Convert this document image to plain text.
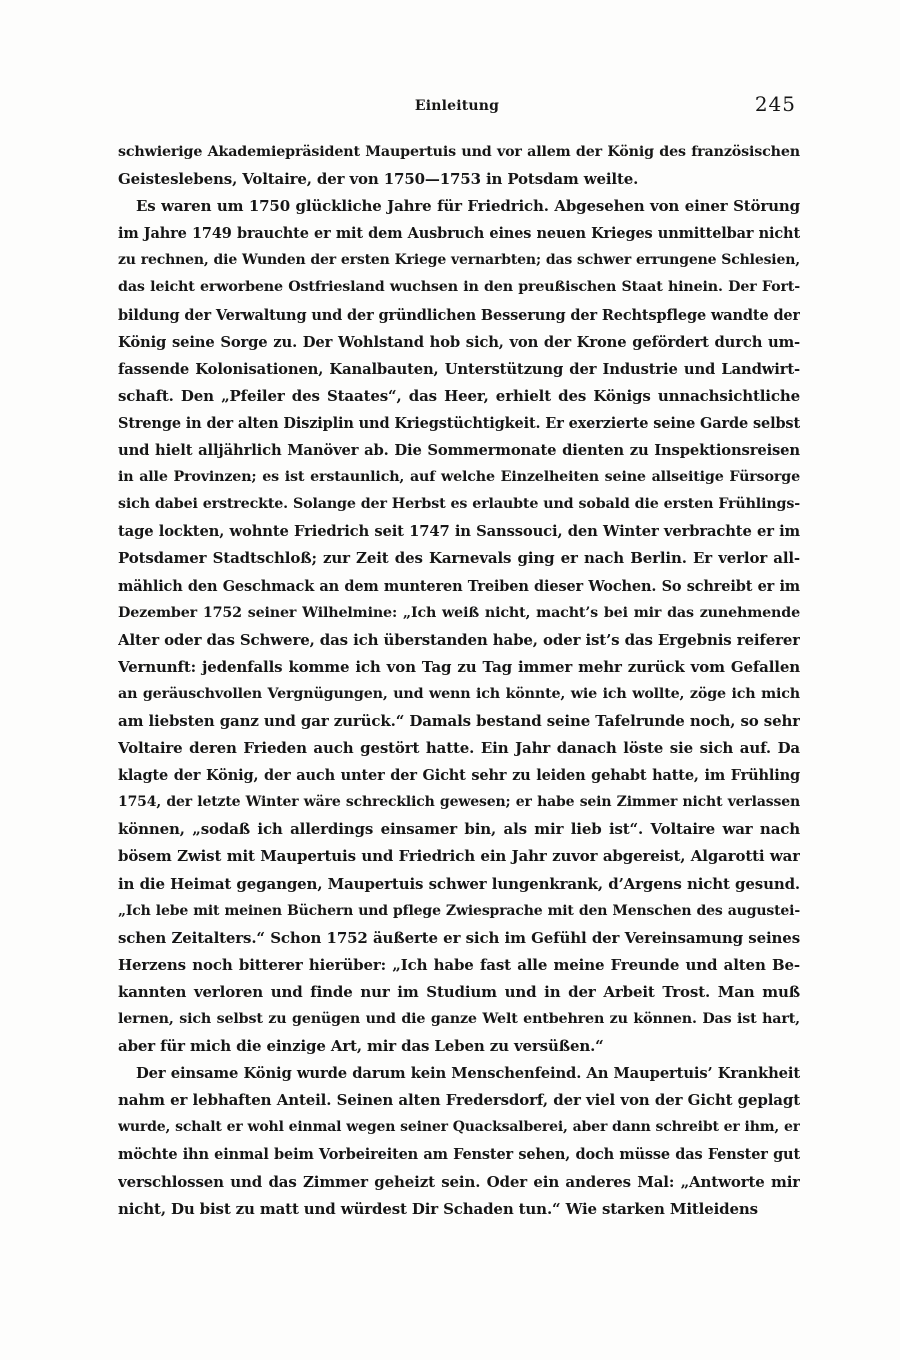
Einleitung	245
schwierige Akademiepräsident Maupertuis und vor allem der König des französischen
Geisteslebens, Voltaire, der von 1750—1753 in Potsdam weilte.
Es waren um 1750 glückliche Jahre für Friedrich. Abgesehen von einer Störung
im Jahre 1749 brauchte er mit dem Ausbruch eines neuen Krieges unmittelbar nicht
zu rechnen, die Wunden der ersten Kriege vernarbten; das schwer errungene Schlesien,
das leicht erworbene Ostfriesland wuchsen in den preußischen Staat hinein. Der Fort-
bildung der Verwaltung und der gründlichen Besserung der Rechtspflege wandte der
König seine Sorge zu. Der Wohlstand hob sich, von der Krone gefördert durch um-
fassende Kolonisationen, Kanalbauten, Unterstützung der Industrie und Landwirt-
schaft. Den „Pfeiler des Staates“, das Heer, erhielt des Königs unnachsichtliche
Strenge in der alten Disziplin und Kriegstüchtigkeit. Er exerzierte seine Garde selbst
und hielt alljährlich Manöver ab. Die Sommermonate dienten zu Inspektionsreisen
in alle Provinzen; es ist erstaunlich, auf welche Einzelheiten seine allseitige Fürsorge
sich dabei erstreckte. Solange der Herbst es erlaubte und sobald die ersten Frühlings-
tage lockten, wohnte Friedrich seit 1747 in Sanssouci, den Winter verbrachte er im
Potsdamer Stadtschloß; zur Zeit des Karnevals ging er nach Berlin. Er verlor all-
mählich den Geschmack an dem munteren Treiben dieser Wochen. So schreibt er im
Dezember 1752 seiner Wilhelmine: „Ich weiß nicht, macht’s bei mir das zunehmende
Alter oder das Schwere, das ich überstanden habe, oder ist’s das Ergebnis reiferer
Vernunft: jedenfalls komme ich von Tag zu Tag immer mehr zurück vom Gefallen
an geräuschvollen Vergnügungen, und wenn ich könnte, wie ich wollte, zöge ich mich
am liebsten ganz und gar zurück.“ Damals bestand seine Tafelrunde noch, so sehr
Voltaire deren Frieden auch gestört hatte. Ein Jahr danach löste sie sich auf. Da
klagte der König, der auch unter der Gicht sehr zu leiden gehabt hatte, im Frühling
1754, der letzte Winter wäre schrecklich gewesen; er habe sein Zimmer nicht verlassen
können, „sodaß ich allerdings einsamer bin, als mir lieb ist“. Voltaire war nach
bösem Zwist mit Maupertuis und Friedrich ein Jahr zuvor abgereist, Algarotti war
in die Heimat gegangen, Maupertuis schwer lungenkrank, d’Argens nicht gesund.
„Ich lebe mit meinen Büchern und pflege Zwiesprache mit den Menschen des augustei-
schen Zeitalters.“ Schon 1752 äußerte er sich im Gefühl der Vereinsamung seines
Herzens noch bitterer hierüber: „Ich habe fast alle meine Freunde und alten Be-
kannten verloren und finde nur im Studium und in der Arbeit Trost. Man muß
lernen, sich selbst zu genügen und die ganze Welt entbehren zu können. Das ist hart,
aber für mich die einzige Art, mir das Leben zu versüßen.“
Der einsame König wurde darum kein Menschenfeind. An Maupertuis’ Krankheit
nahm er lebhaften Anteil. Seinen alten Fredersdorf, der viel von der Gicht geplagt
wurde, schalt er wohl einmal wegen seiner Quacksalberei, aber dann schreibt er ihm, er
möchte ihn einmal beim Vorbeireiten am Fenster sehen, doch müsse das Fenster gut
verschlossen und das Zimmer geheizt sein. Oder ein anderes Mal: „Antworte mir
nicht, Du bist zu matt und würdest Dir Schaden tun.“ Wie starken Mitleidens
